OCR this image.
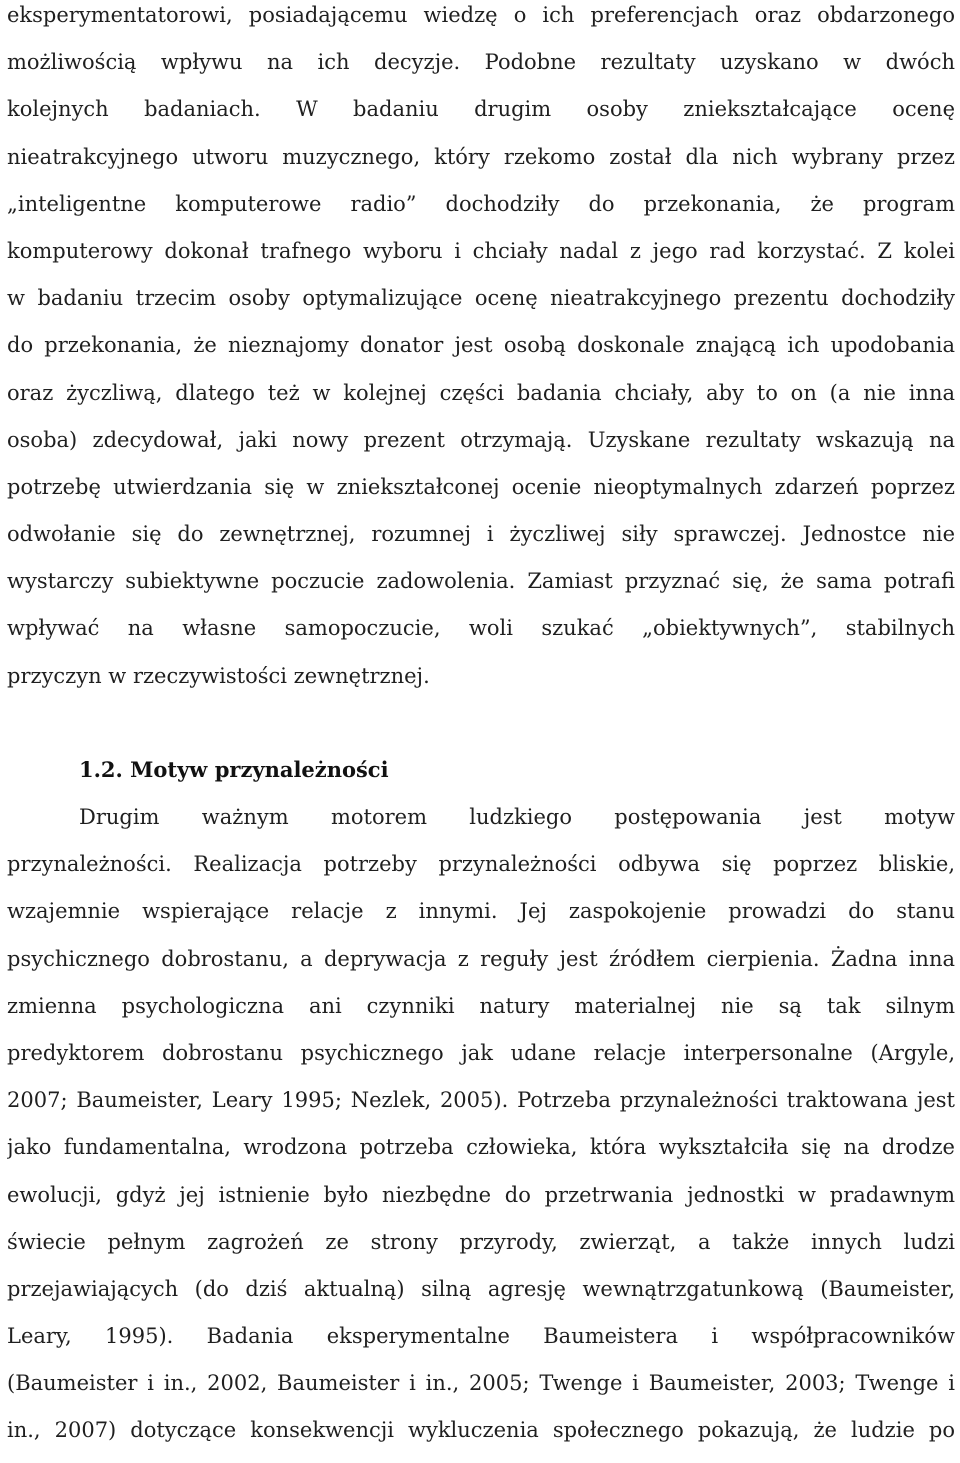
eksperymentatorowi, posiadającemu wiedzę o ich preferencjach oraz obdarzonego
możliwością wpływu na ich decyzje. Podobne rezultaty uzyskano w dwóch
kolejnych badaniach. W badaniu drugim osoby zniekształcające ocenę
nieatrakcyjnego utworu muzycznego, który rzekomo został dla nich wybrany przez
„inteligentne komputerowe radio” dochodziły do przekonania, że program
komputerowy dokonał trafnego wyboru i chciały nadal z jego rad korzystać. Z kolei
w badaniu trzecim osoby optymalizujące ocenę nieatrakcyjnego prezentu dochodziły
do przekonania, że nieznajomy donator jest osobą doskonale znającą ich upodobania
oraz życzliwą, dlatego też w kolejnej części badania chciały, aby to on (a nie inna
osoba) zdecydował, jaki nowy prezent otrzymają. Uzyskane rezultaty wskazują na
potrzebę utwierdzania się w zniekształconej ocenie nieoptymalnych zdarzeń poprzez
odwołanie się do zewnętrznej, rozumnej i życzliwej siły sprawczej. Jednostce nie
wystarczy subiektywne poczucie zadowolenia. Zamiast przyznać się, że sama potrafi
wpływać na własne samopoczucie, woli szukać „obiektywnych”, stabilnych
przyczyn w rzeczywistości zewnętrznej.
1.2. Motyw przynależności
Drugim ważnym motorem ludzkiego postępowania jest motyw
przynależności. Realizacja potrzeby przynależności odbywa się poprzez bliskie,
wzajemnie wspierające relacje z innymi. Jej zaspokojenie prowadzi do stanu
psychicznego dobrostanu, a deprywacja z reguły jest źródłem cierpienia. Żadna inna
zmienna psychologiczna ani czynniki natury materialnej nie są tak silnym
predyktorem dobrostanu psychicznego jak udane relacje interpersonalne (Argyle,
2007; Baumeister, Leary 1995; Nezlek, 2005). Potrzeba przynależności traktowana jest
jako fundamentalna, wrodzona potrzeba człowieka, która wykształciła się na drodze
ewolucji, gdyż jej istnienie było niezbędne do przetrwania jednostki w pradawnym
świecie pełnym zagrożeń ze strony przyrody, zwierząt, a także innych ludzi
przejawiających (do dziś aktualną) silną agresję wewnątrzgatunkową (Baumeister,
Leary, 1995). Badania eksperymentalne Baumeistera i współpracowników
(Baumeister i in., 2002, Baumeister i in., 2005; Twenge i Baumeister, 2003; Twenge i
in., 2007) dotyczące konsekwencji wykluczenia społecznego pokazują, że ludzie po
